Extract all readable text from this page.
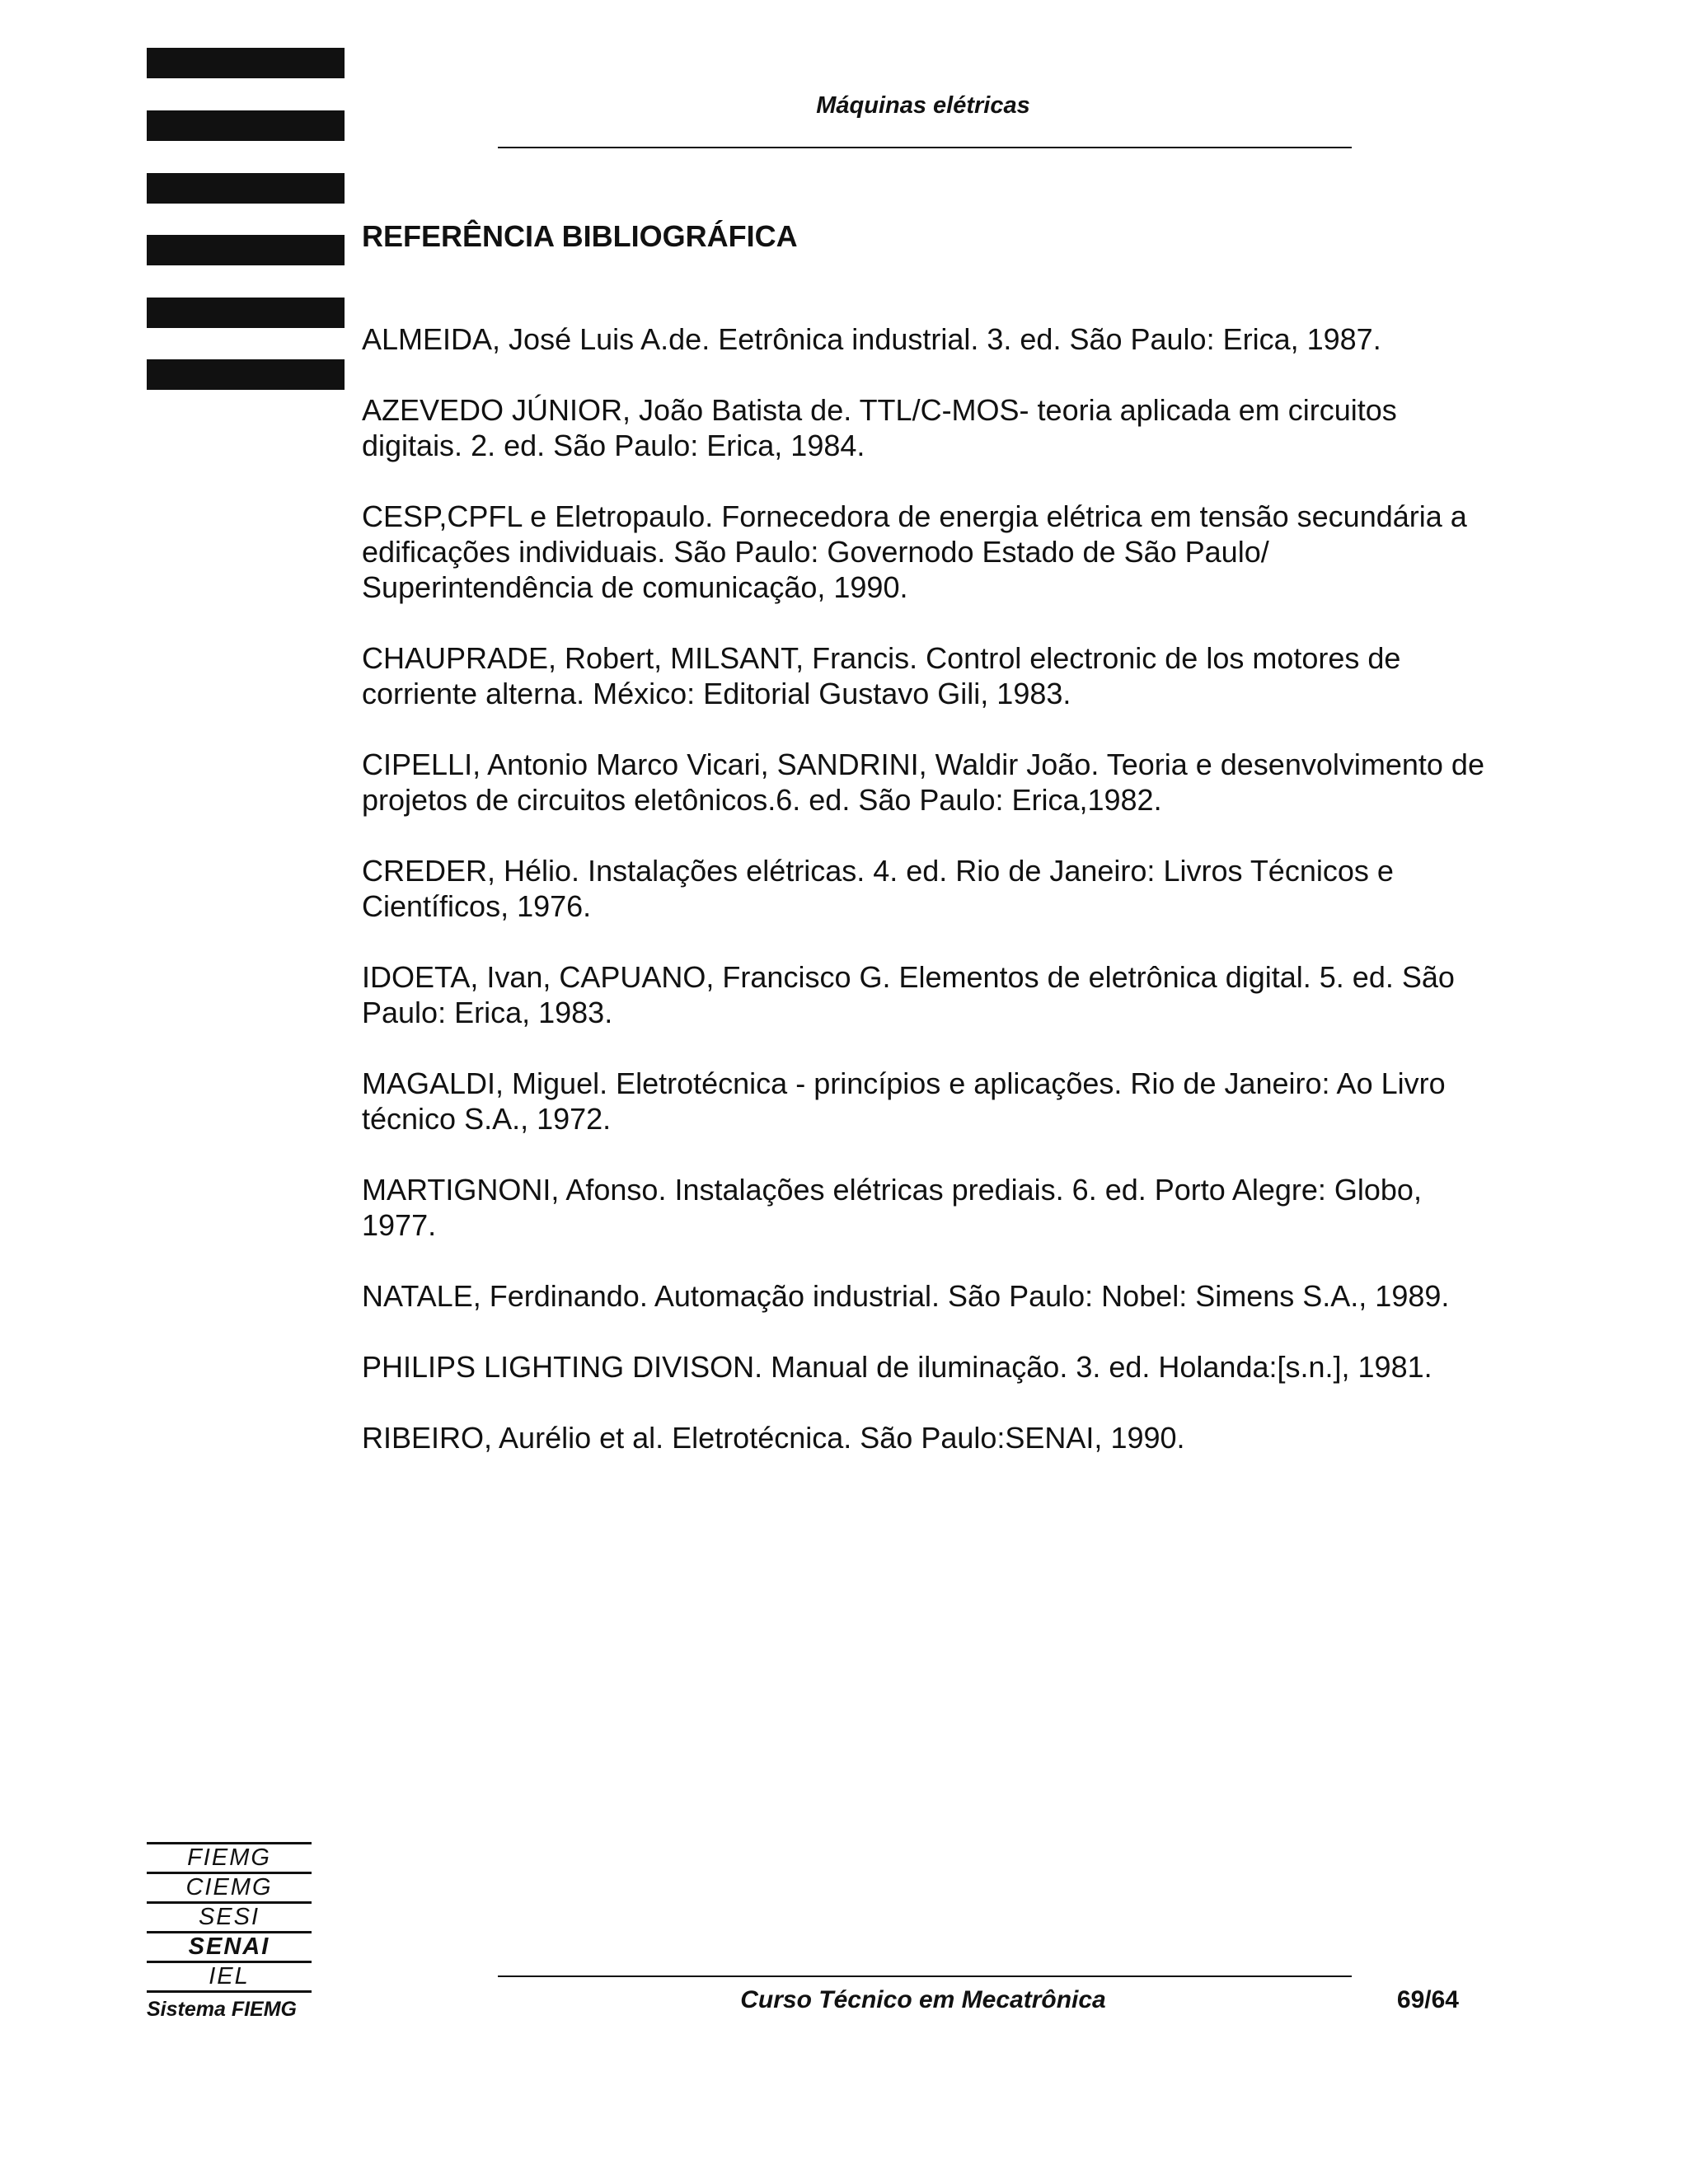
Máquinas elétricas
REFERÊNCIA BIBLIOGRÁFICA
ALMEIDA, José Luis A.de. Eetrônica industrial. 3. ed. São Paulo: Erica, 1987.
AZEVEDO JÚNIOR, João Batista de. TTL/C-MOS- teoria aplicada em circuitos digitais. 2. ed. São Paulo: Erica, 1984.
CESP,CPFL e Eletropaulo. Fornecedora de energia elétrica em tensão secundária a edificações individuais. São Paulo: Governodo Estado de São Paulo/ Superintendência de comunicação, 1990.
CHAUPRADE, Robert, MILSANT, Francis. Control electronic de los motores de corriente alterna. México: Editorial Gustavo Gili, 1983.
CIPELLI, Antonio Marco Vicari, SANDRINI, Waldir João. Teoria e desenvolvimento de projetos de circuitos eletônicos.6. ed. São Paulo: Erica,1982.
CREDER, Hélio. Instalações elétricas. 4. ed. Rio de Janeiro: Livros Técnicos e Científicos, 1976.
IDOETA, Ivan, CAPUANO, Francisco G. Elementos de eletrônica digital. 5. ed. São Paulo: Erica, 1983.
MAGALDI, Miguel. Eletrotécnica - princípios e aplicações. Rio de Janeiro: Ao Livro técnico S.A., 1972.
MARTIGNONI, Afonso. Instalações elétricas prediais. 6. ed. Porto Alegre: Globo, 1977.
NATALE, Ferdinando. Automação industrial. São Paulo: Nobel: Simens S.A., 1989.
PHILIPS LIGHTING DIVISON. Manual de iluminação. 3. ed. Holanda:[s.n.], 1981.
RIBEIRO, Aurélio et al. Eletrotécnica. São Paulo:SENAI, 1990.
FIEMG
CIEMG
SESI
SENAI
IEL
Sistema FIEMG	Curso Técnico em Mecatrônica	69/64
